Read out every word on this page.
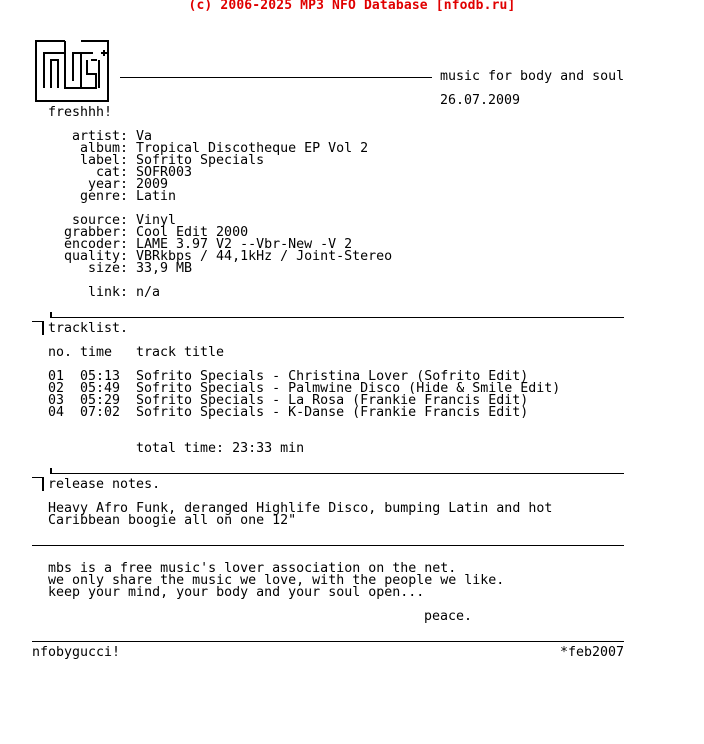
(c) 2006-2025 MP3 NFO Database [nfodb.ru]
music for body and soul
26.07.2009
freshhh!
artist: Va
album: Tropical Discotheque EP Vol 2
label: Sofrito Specials
cat: SOFR003
year: 2009
genre: Latin
source: Vinyl
grabber: Cool Edit 2000
encoder: LAME 3.97 V2 --Vbr-New -V 2
quality: VBRkbps / 44,1kHz / Joint-Stereo
size: 33,9 MB
link: n/a
tracklist.
no. time track title
01 05:13 Sofrito Specials - Christina Lover (Sofrito Edit)
02 05:49 Sofrito Specials - Palmwine Disco (Hide & Smile Edit)
03 05:29 Sofrito Specials - La Rosa (Frankie Francis Edit)
04 07:02 Sofrito Specials - K-Danse (Frankie Francis Edit)
total time: 23:33 min
release notes.
Heavy Afro Funk, deranged Highlife Disco, bumping Latin and hot
Caribbean boogie all on one 12"
mbs is a free music's lover association on the net.
we only share the music we love, with the people we like.
keep your mind, your body and your soul open...
peace.
nfobygucci!	*feb2007
